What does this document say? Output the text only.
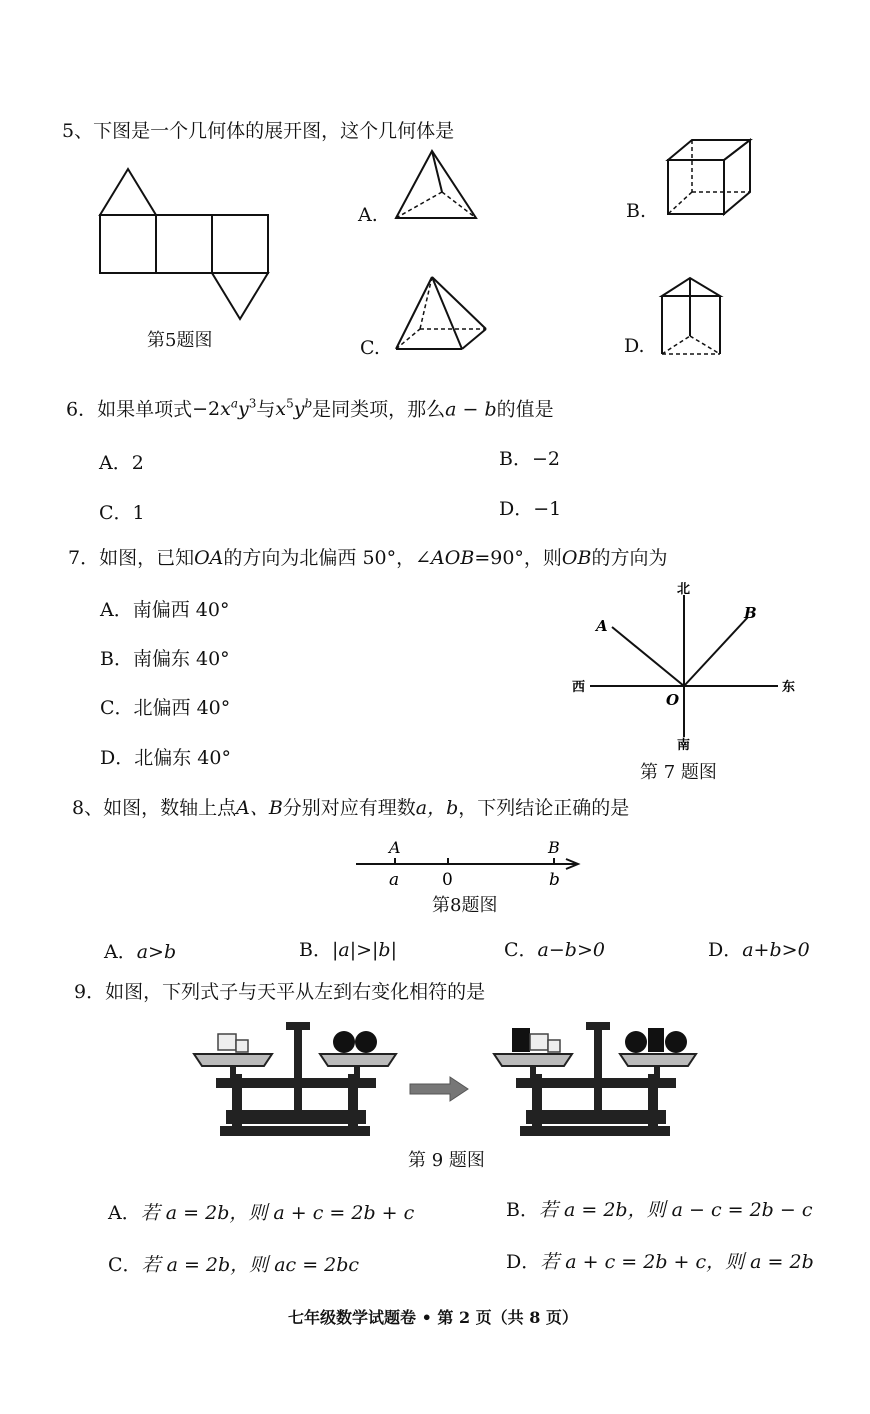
5、下图是一个几何体的展开图，这个几何体是
第5题图
A.	B.
C.	D.
6．如果单项式$-2x^ay^3$与$x^5y^b$是同类项，那么a − b的值是
A．2	B．−2
C．1	D．−1
7．如图，已知OA的方向为北偏西 50°，∠AOB=90°，则OB的方向为
A．南偏西 40°
B．南偏东 40°
C．北偏西 40°
D．北偏东 40°
北
南
西	东
A
B
O
第 7 题图
8、如图，数轴上点A、B分别对应有理数a，b，下列结论正确的是
A	B
a	0	b
第8题图
A．a>b	B．|a|>|b|	C．a−b>0	D．a+b>0
9．如图，下列式子与天平从左到右变化相符的是
第 9 题图
A．若 a = 2b，则 a + c = 2b + c	B．若 a = 2b，则 a − c = 2b − c
C．若 a = 2b，则 ac = 2bc	D．若 a + c = 2b + c，则 a = 2b
七年级数学试题卷 • 第 2 页（共 8 页）
